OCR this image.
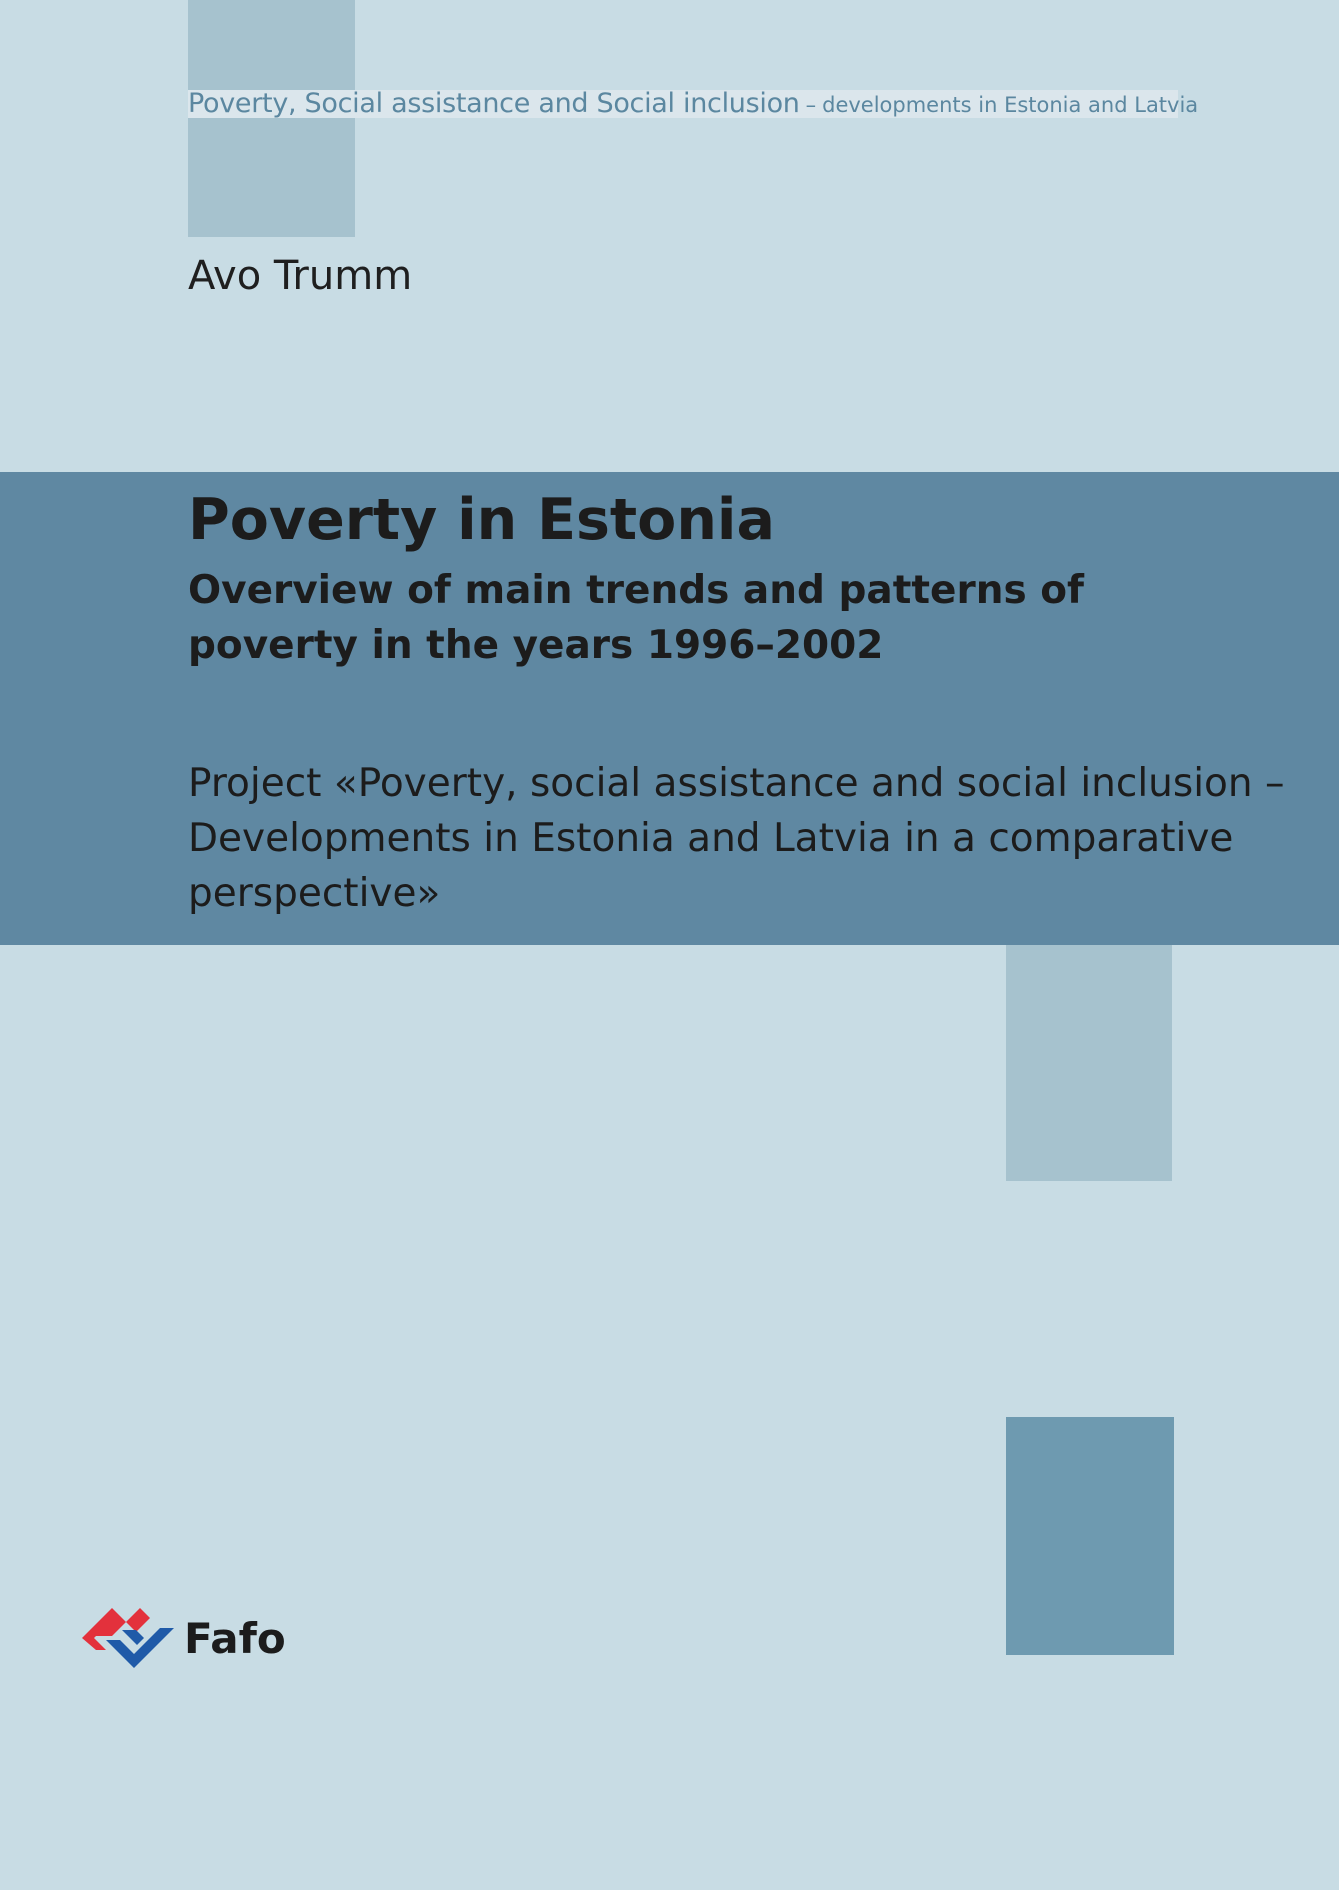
Poverty, Social assistance and Social inclusion – developments in Estonia and Latvia
Avo Trumm
Poverty in Estonia
Overview of main trends and patterns of poverty in the years 1996–2002
Project «Poverty, social assistance and social inclusion – Developments in Estonia and Latvia in a comparative perspective»
Fafo
